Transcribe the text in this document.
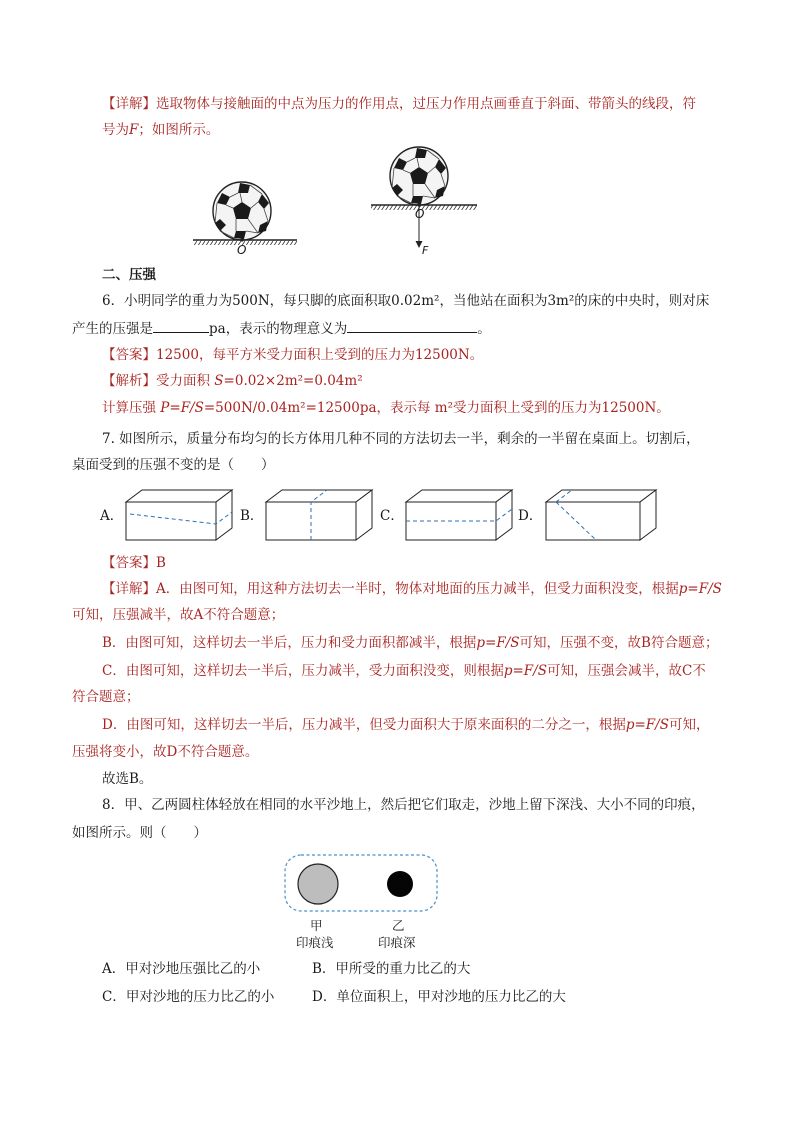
【详解】选取物体与接触面的中点为压力的作用点，过压力作用点画垂直于斜面、带箭头的线段，符
号为F；如图所示。
O
O
F
二、压强
6．小明同学的重力为500N，每只脚的底面积取0.02m²，当他站在面积为3m²的床的中央时，则对床
产生的压强是	pa，表示的物理意义为	。
【答案】12500，每平方米受力面积上受到的压力为12500N。
【解析】受力面积 S=0.02×2m²=0.04m²
计算压强 P=F/S=500N/0.04m²=12500pa，表示每 m²受力面积上受到的压力为12500N。
7. 如图所示，质量分布均匀的长方体用几种不同的方法切去一半，剩余的一半留在桌面上。切割后，
桌面受到的压强不变的是（　　）
A．	B．	C．	D．
【答案】B
【详解】A．由图可知，用这种方法切去一半时，物体对地面的压力减半，但受力面积没变，根据p=F/S
可知，压强减半，故A不符合题意；
B．由图可知，这样切去一半后，压力和受力面积都减半，根据p=F/S可知，压强不变，故B符合题意；
C．由图可知，这样切去一半后，压力减半，受力面积没变，则根据p=F/S可知，压强会减半，故C不
符合题意；
D．由图可知，这样切去一半后，压力减半，但受力面积大于原来面积的二分之一，根据p=F/S可知，
压强将变小，故D不符合题意。
故选B。
8．甲、乙两圆柱体轻放在相同的水平沙地上，然后把它们取走，沙地上留下深浅、大小不同的印痕，
如图所示。则（　　）
甲
印痕浅
乙
印痕深
A．甲对沙地压强比乙的小	B．甲所受的重力比乙的大
C．甲对沙地的压力比乙的小	D．单位面积上，甲对沙地的压力比乙的大
